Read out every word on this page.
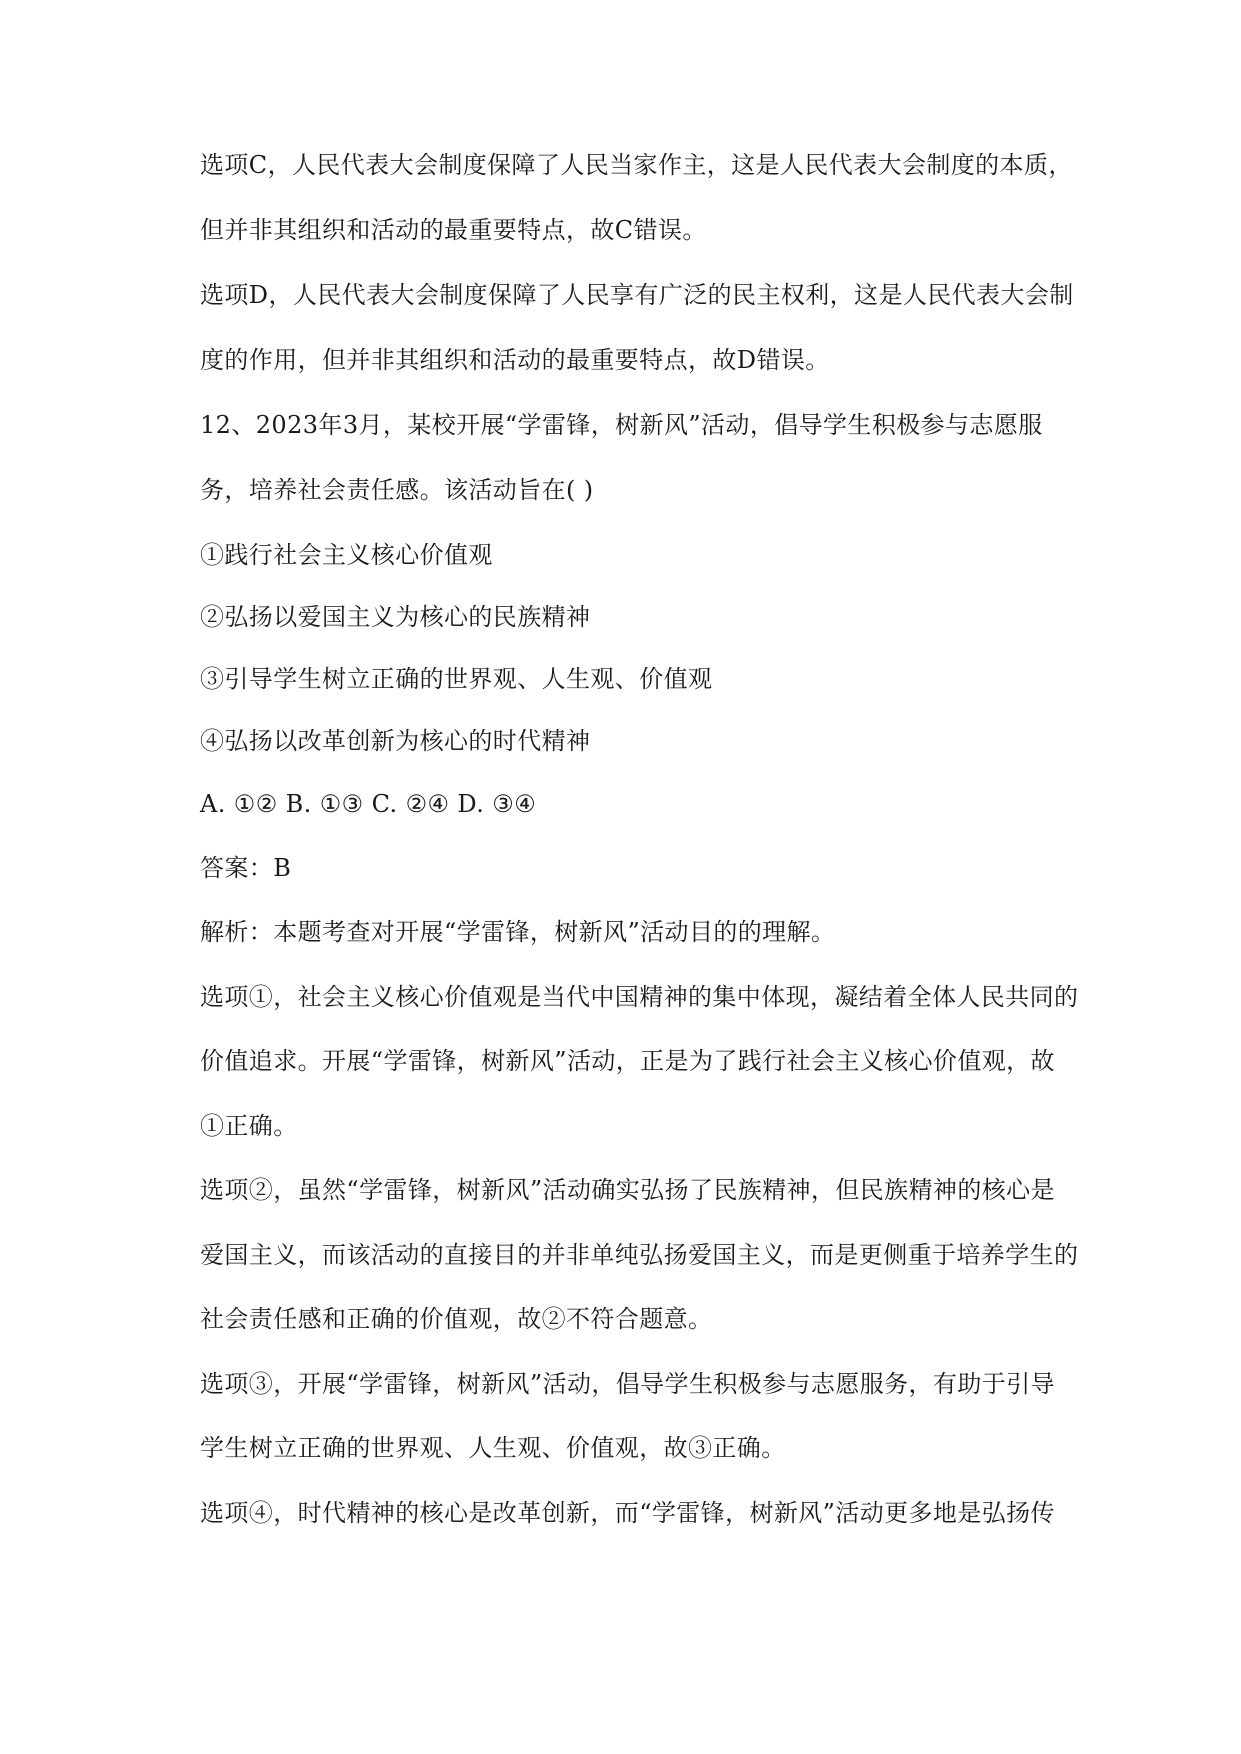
选项C，人民代表大会制度保障了人民当家作主，这是人民代表大会制度的本质，
但并非其组织和活动的最重要特点，故C错误。
选项D，人民代表大会制度保障了人民享有广泛的民主权利，这是人民代表大会制
度的作用，但并非其组织和活动的最重要特点，故D错误。
12、2023年3月，某校开展“学雷锋，树新风”活动，倡导学生积极参与志愿服
务，培养社会责任感。该活动旨在( )
①践行社会主义核心价值观
②弘扬以爱国主义为核心的民族精神
③引导学生树立正确的世界观、人生观、价值观
④弘扬以改革创新为核心的时代精神
A. ①② B. ①③ C. ②④ D. ③④
答案：B
解析：本题考查对开展“学雷锋，树新风”活动目的的理解。
选项①，社会主义核心价值观是当代中国精神的集中体现，凝结着全体人民共同的
价值追求。开展“学雷锋，树新风”活动，正是为了践行社会主义核心价值观，故
①正确。
选项②，虽然“学雷锋，树新风”活动确实弘扬了民族精神，但民族精神的核心是
爱国主义，而该活动的直接目的并非单纯弘扬爱国主义，而是更侧重于培养学生的
社会责任感和正确的价值观，故②不符合题意。
选项③，开展“学雷锋，树新风”活动，倡导学生积极参与志愿服务，有助于引导
学生树立正确的世界观、人生观、价值观，故③正确。
选项④，时代精神的核心是改革创新，而“学雷锋，树新风”活动更多地是弘扬传
